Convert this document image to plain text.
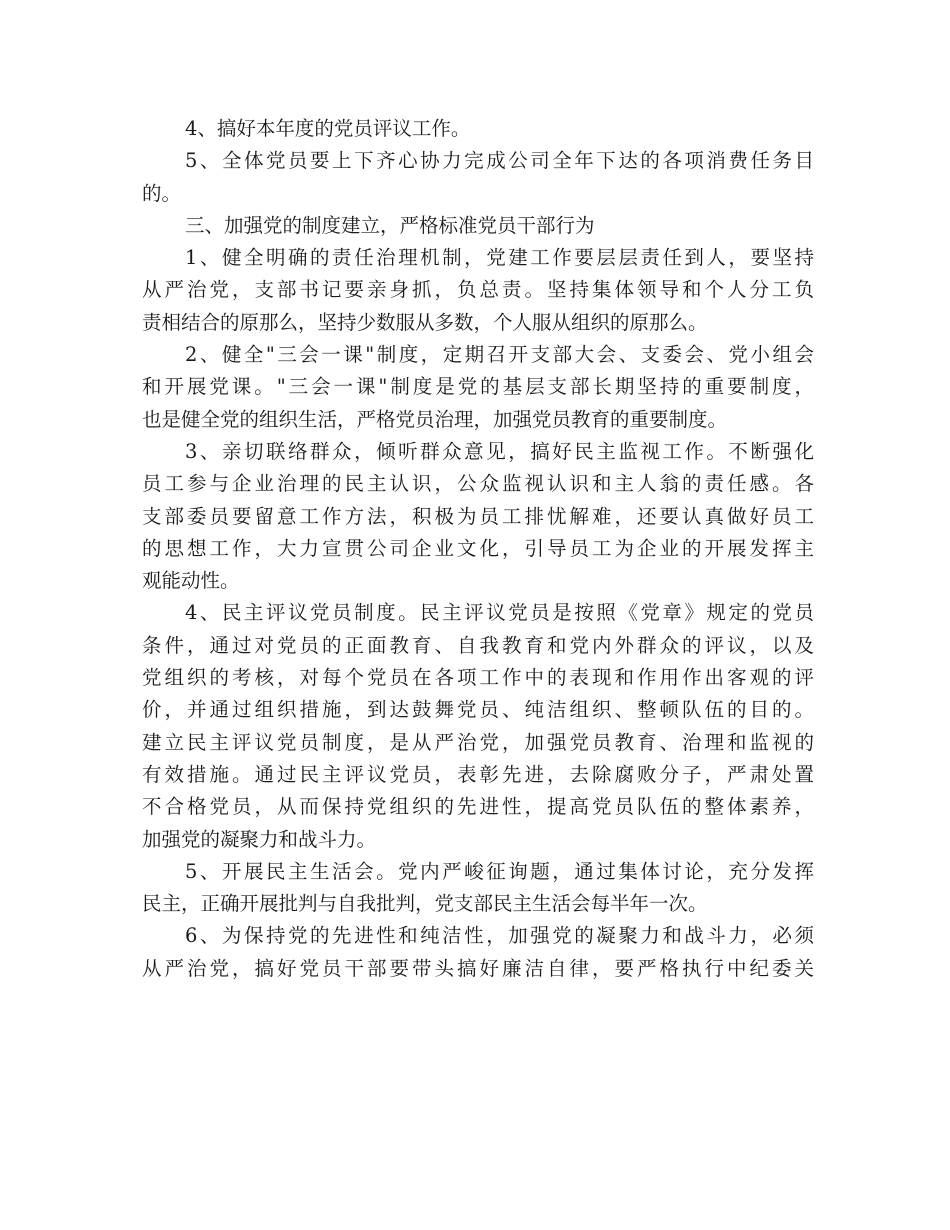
4、搞好本年度的党员评议工作。
5、全体党员要上下齐心协力完成公司全年下达的各项消费任务目
的。
三、加强党的制度建立，严格标准党员干部行为
1、健全明确的责任治理机制，党建工作要层层责任到人，要坚持
从严治党，支部书记要亲身抓，负总责。坚持集体领导和个人分工负
责相结合的原那么，坚持少数服从多数，个人服从组织的原那么。
2、健全"三会一课"制度，定期召开支部大会、支委会、党小组会
和开展党课。"三会一课"制度是党的基层支部长期坚持的重要制度，
也是健全党的组织生活，严格党员治理，加强党员教育的重要制度。
3、亲切联络群众，倾听群众意见，搞好民主监视工作。不断强化
员工参与企业治理的民主认识，公众监视认识和主人翁的责任感。各
支部委员要留意工作方法，积极为员工排忧解难，还要认真做好员工
的思想工作，大力宣贯公司企业文化，引导员工为企业的开展发挥主
观能动性。
4、民主评议党员制度。民主评议党员是按照《党章》规定的党员
条件，通过对党员的正面教育、自我教育和党内外群众的评议，以及
党组织的考核，对每个党员在各项工作中的表现和作用作出客观的评
价，并通过组织措施，到达鼓舞党员、纯洁组织、整顿队伍的目的。
建立民主评议党员制度，是从严治党，加强党员教育、治理和监视的
有效措施。通过民主评议党员，表彰先进，去除腐败分子，严肃处置
不合格党员，从而保持党组织的先进性，提高党员队伍的整体素养，
加强党的凝聚力和战斗力。
5、开展民主生活会。党内严峻征询题，通过集体讨论，充分发挥
民主，正确开展批判与自我批判，党支部民主生活会每半年一次。
6、为保持党的先进性和纯洁性，加强党的凝聚力和战斗力，必须
从严治党，搞好党员干部要带头搞好廉洁自律，要严格执行中纪委关
